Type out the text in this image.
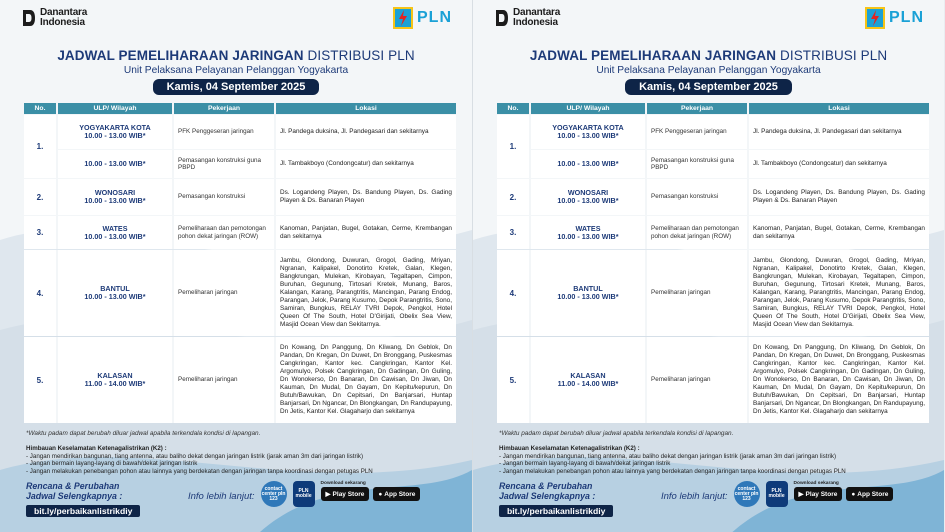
Danantara
Indonesia	PLN
JADWAL PEMELIHARAAN JARINGAN DISTRIBUSI PLN
Unit Pelaksana Pelayanan Pelanggan Yogyakarta
Kamis, 04 September 2025
No.	ULP/ Wilayah	Pekerjaan	Lokasi
1.	YOGYAKARTA KOTA
10.00 - 13.00 WIB*	PFK Penggeseran jaringan	Jl. Pandega duksina, Jl. Pandegasari dan sekitarnya
	10.00 - 13.00 WIB*	Pemasangan konstruksi guna PBPD	Jl. Tambakboyo (Condongcatur) dan sekitarnya
2.	WONOSARI
10.00 - 13.00 WIB*	Pemasangan konstruksi	Ds. Logandeng Playen, Ds. Bandung Playen, Ds. Gading Playen & Ds. Banaran Playen
3.	WATES
10.00 - 13.00 WIB*	Pemeliharaan dan pemotongan pohon dekat jaringan (ROW)	Kanoman, Panjatan, Bugel, Gotakan, Cerme, Krembangan dan sekitarnya
4.	BANTUL
10.00 - 13.00 WIB*	Pemeliharan jaringan	Jambu, Glondong, Duwuran, Grogol, Gading, Mriyan, Ngranan, Kalipakel, Donotirto Kretek, Galan, Klegen, Bangkrungan, Mulekan, Kirobayan, Tegaltapen, Cimpon, Buruhan, Gegunung, Tirtosari Kretek, Munang, Baros, Kalangan, Karang, Parangtritis, Mancingan, Parang Endog, Parangan, Jelok, Parang Kusumo, Depok Parangtritis, Sono, Samiran, Bungkus, RELAY TVRI Depok, Pengkol, Hotel Queen Of The South, Hotel D'Girijati, Obelix Sea View, Masjid Ocean View dan Sekitarnya.
5.	KALASAN
11.00 - 14.00 WIB*	Pemeliharan jaringan	Dn Kowang, Dn Panggung, Dn Kliwang, Dn Geblok, Dn Pandan, Dn Kregan, Dn Duwet, Dn Bronggang, Puskesmas Cangkringan, Kantor kec. Cangkringan, Kantor Kel. Argomulyo, Polsek Cangkringan, Dn Gadingan, Dn Guling, Dn Wonokerso, Dn Banaran, Dn Cawisan, Dn Jiwan, Dn Kauman, Dn Mudal, Dn Gayam, Dn Kepitu/kepurun, Dn Butuh/Bawukan, Dn Cepitsari, Dn Banjarsari, Huntap Banjarsari, Dn Ngancar, Dn Blongkangan, Dn Randupayung, Dn Jetis, Kantor Kel. Glagaharjo dan sekitarnya
*Waktu padam dapat berubah diluar jadwal apabila terkendala kondisi di lapangan.
Himbauan Keselamatan Ketenagalistrikan (K2) :
- Jangan mendirikan bangunan, tiang antenna, atau baliho dekat dengan jaringan listrik (jarak aman 3m dari jaringan listrik)
- Jangan bermain layang-layang di bawah/dekat jaringan listrik
- Jangan melakukan penebangan pohon atau lainnya yang berdekatan dengan jaringan tanpa koordinasi dengan petugas PLN
Rencana & Perubahan
Jadwal Selengkapnya :
bit.ly/perbaikanlistrikdiy
Info lebih lanjut:
contact center pln 123
PLN mobile
Download sekarang
▶ Play Store ● App Store
Danantara
Indonesia	PLN
JADWAL PEMELIHARAAN JARINGAN DISTRIBUSI PLN
Unit Pelaksana Pelayanan Pelanggan Yogyakarta
Kamis, 04 September 2025
No.	ULP/ Wilayah	Pekerjaan	Lokasi
1.	YOGYAKARTA KOTA
10.00 - 13.00 WIB*	PFK Penggeseran jaringan	Jl. Pandega duksina, Jl. Pandegasari dan sekitarnya
	10.00 - 13.00 WIB*	Pemasangan konstruksi guna PBPD	Jl. Tambakboyo (Condongcatur) dan sekitarnya
2.	WONOSARI
10.00 - 13.00 WIB*	Pemasangan konstruksi	Ds. Logandeng Playen, Ds. Bandung Playen, Ds. Gading Playen & Ds. Banaran Playen
3.	WATES
10.00 - 13.00 WIB*	Pemeliharaan dan pemotongan pohon dekat jaringan (ROW)	Kanoman, Panjatan, Bugel, Gotakan, Cerme, Krembangan dan sekitarnya
4.	BANTUL
10.00 - 13.00 WIB*	Pemeliharan jaringan	Jambu, Glondong, Duwuran, Grogol, Gading, Mriyan, Ngranan, Kalipakel, Donotirto Kretek, Galan, Klegen, Bangkrungan, Mulekan, Kirobayan, Tegaltapen, Cimpon, Buruhan, Gegunung, Tirtosari Kretek, Munang, Baros, Kalangan, Karang, Parangtritis, Mancingan, Parang Endog, Parangan, Jelok, Parang Kusumo, Depok Parangtritis, Sono, Samiran, Bungkus, RELAY TVRI Depok, Pengkol, Hotel Queen Of The South, Hotel D'Girijati, Obelix Sea View, Masjid Ocean View dan Sekitarnya.
5.	KALASAN
11.00 - 14.00 WIB*	Pemeliharan jaringan	Dn Kowang, Dn Panggung, Dn Kliwang, Dn Geblok, Dn Pandan, Dn Kregan, Dn Duwet, Dn Bronggang, Puskesmas Cangkringan, Kantor kec. Cangkringan, Kantor Kel. Argomulyo, Polsek Cangkringan, Dn Gadingan, Dn Guling, Dn Wonokerso, Dn Banaran, Dn Cawisan, Dn Jiwan, Dn Kauman, Dn Mudal, Dn Gayam, Dn Kepitu/kepurun, Dn Butuh/Bawukan, Dn Cepitsari, Dn Banjarsari, Huntap Banjarsari, Dn Ngancar, Dn Blongkangan, Dn Randupayung, Dn Jetis, Kantor Kel. Glagaharjo dan sekitarnya
*Waktu padam dapat berubah diluar jadwal apabila terkendala kondisi di lapangan.
Himbauan Keselamatan Ketenagalistrikan (K2) :
- Jangan mendirikan bangunan, tiang antenna, atau baliho dekat dengan jaringan listrik (jarak aman 3m dari jaringan listrik)
- Jangan bermain layang-layang di bawah/dekat jaringan listrik
- Jangan melakukan penebangan pohon atau lainnya yang berdekatan dengan jaringan tanpa koordinasi dengan petugas PLN
Rencana & Perubahan
Jadwal Selengkapnya :
bit.ly/perbaikanlistrikdiy
Info lebih lanjut:
contact center pln 123
PLN mobile
Download sekarang
▶ Play Store ● App Store
